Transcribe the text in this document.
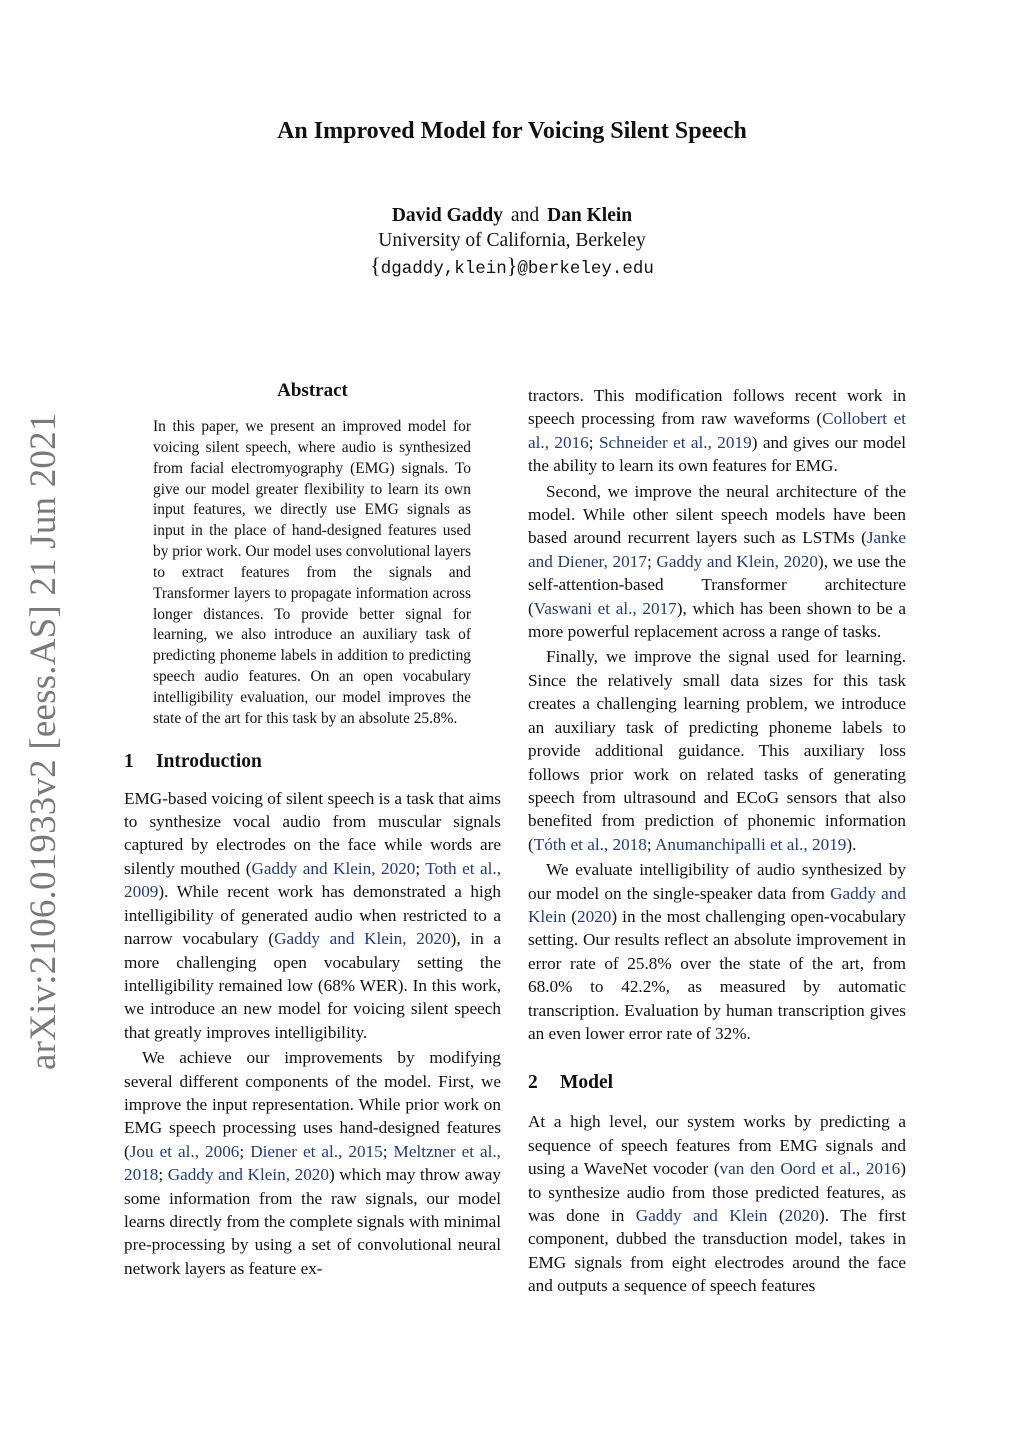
arXiv:2106.01933v2 [eess.AS] 21 Jun 2021
An Improved Model for Voicing Silent Speech
David Gaddy and Dan Klein
University of California, Berkeley
{dgaddy,klein}@berkeley.edu
Abstract

In this paper, we present an improved model for voicing silent speech, where audio is synthesized from facial electromyography (EMG) signals. To give our model greater flexibility to learn its own input features, we directly use EMG signals as input in the place of hand-designed features used by prior work. Our model uses convolutional layers to extract features from the signals and Transformer layers to propagate information across longer distances. To provide better signal for learning, we also introduce an auxiliary task of predicting phoneme labels in addition to predicting speech audio features. On an open vocabulary intelligibility evaluation, our model improves the state of the art for this task by an absolute 25.8%.

1 Introduction

EMG-based voicing of silent speech is a task that aims to synthesize vocal audio from muscular signals captured by electrodes on the face while words are silently mouthed (Gaddy and Klein, 2020; Toth et al., 2009). While recent work has demonstrated a high intelligibility of generated audio when restricted to a narrow vocabulary (Gaddy and Klein, 2020), in a more challenging open vocabulary setting the intelligibility remained low (68% WER). In this work, we introduce an new model for voicing silent speech that greatly improves intelligibility.

We achieve our improvements by modifying several different components of the model. First, we improve the input representation. While prior work on EMG speech processing uses hand-designed features (Jou et al., 2006; Diener et al., 2015; Meltzner et al., 2018; Gaddy and Klein, 2020) which may throw away some information from the raw signals, our model learns directly from the complete signals with minimal pre-processing by using a set of convolutional neural network layers as feature ex-

tractors. This modification follows recent work in speech processing from raw waveforms (Collobert et al., 2016; Schneider et al., 2019) and gives our model the ability to learn its own features for EMG.

Second, we improve the neural architecture of the model. While other silent speech models have been based around recurrent layers such as LSTMs (Janke and Diener, 2017; Gaddy and Klein, 2020), we use the self-attention-based Transformer architecture (Vaswani et al., 2017), which has been shown to be a more powerful replacement across a range of tasks.

Finally, we improve the signal used for learning. Since the relatively small data sizes for this task creates a challenging learning problem, we introduce an auxiliary task of predicting phoneme labels to provide additional guidance. This auxiliary loss follows prior work on related tasks of generating speech from ultrasound and ECoG sensors that also benefited from prediction of phonemic information (Tóth et al., 2018; Anumanchipalli et al., 2019).

We evaluate intelligibility of audio synthesized by our model on the single-speaker data from Gaddy and Klein (2020) in the most challenging open-vocabulary setting. Our results reflect an absolute improvement in error rate of 25.8% over the state of the art, from 68.0% to 42.2%, as measured by automatic transcription. Evaluation by human transcription gives an even lower error rate of 32%.

2 Model

At a high level, our system works by predicting a sequence of speech features from EMG signals and using a WaveNet vocoder (van den Oord et al., 2016) to synthesize audio from those predicted features, as was done in Gaddy and Klein (2020). The first component, dubbed the transduction model, takes in EMG signals from eight electrodes around the face and outputs a sequence of speech features
